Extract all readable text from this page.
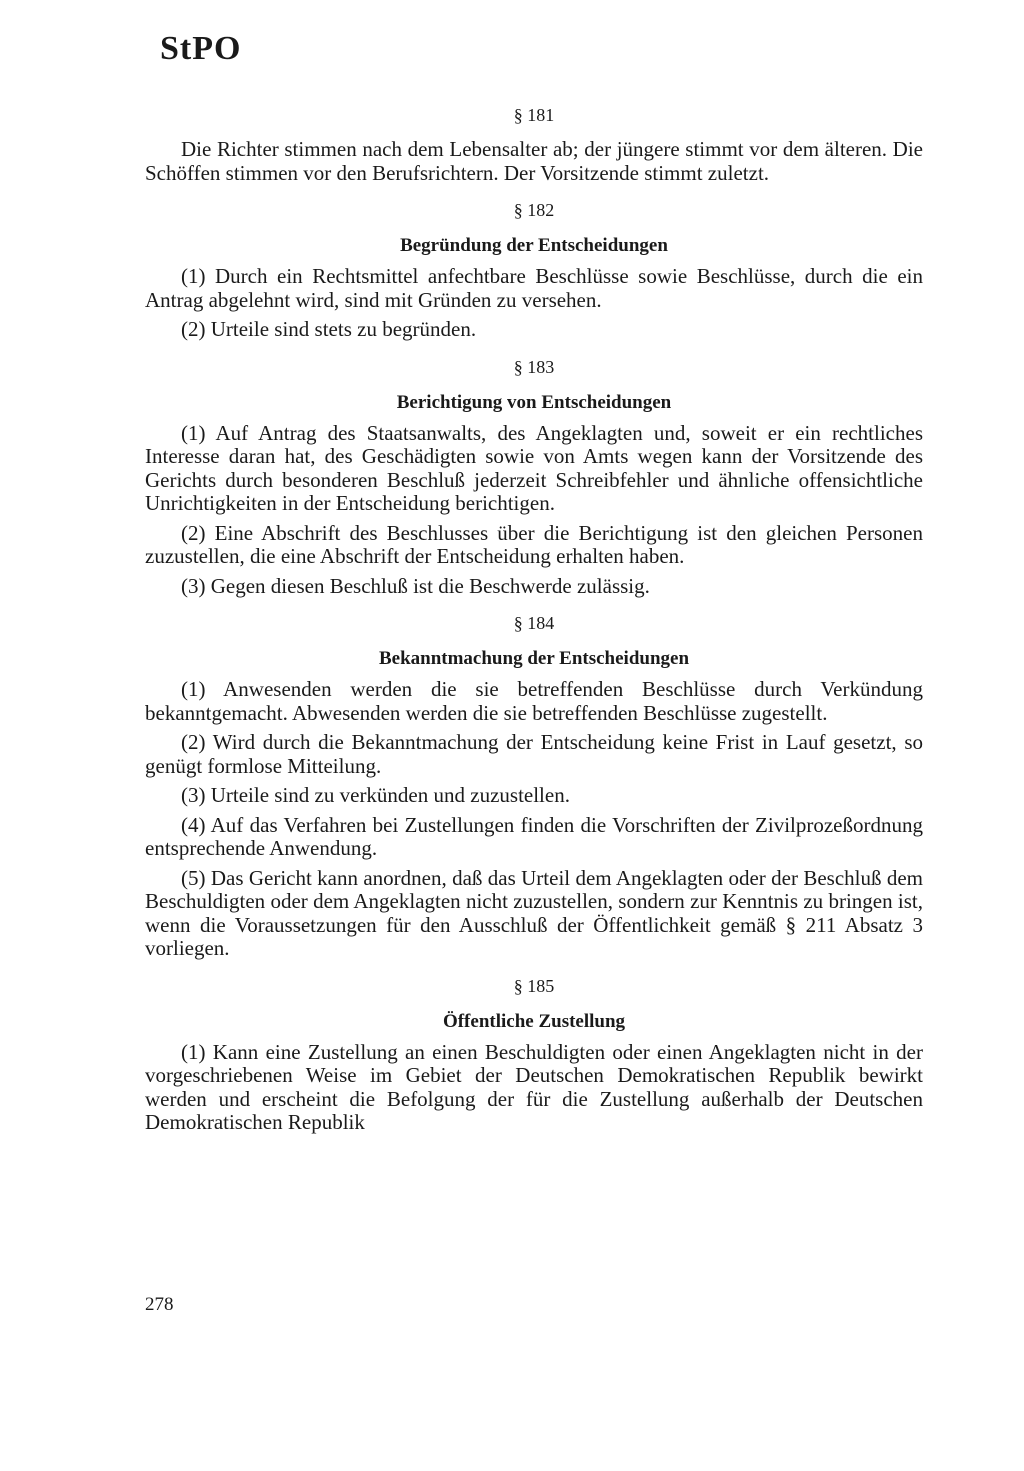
StPO
§ 181

Die Richter stimmen nach dem Lebensalter ab; der jüngere stimmt vor dem älteren. Die Schöffen stimmen vor den Berufsrichtern. Der Vorsitzende stimmt zuletzt.

§ 182
Begründung der Entscheidungen

(1) Durch ein Rechtsmittel anfechtbare Beschlüsse sowie Beschlüsse, durch die ein Antrag abgelehnt wird, sind mit Gründen zu versehen.

(2) Urteile sind stets zu begründen.

§ 183
Berichtigung von Entscheidungen

(1) Auf Antrag des Staatsanwalts, des Angeklagten und, soweit er ein rechtliches Interesse daran hat, des Geschädigten sowie von Amts wegen kann der Vorsitzende des Gerichts durch besonderen Beschluß jederzeit Schreibfehler und ähnliche offensichtliche Unrichtigkeiten in der Entscheidung berichtigen.

(2) Eine Abschrift des Beschlusses über die Berichtigung ist den gleichen Personen zuzustellen, die eine Abschrift der Entscheidung erhalten haben.

(3) Gegen diesen Beschluß ist die Beschwerde zulässig.

§ 184
Bekanntmachung der Entscheidungen

(1) Anwesenden werden die sie betreffenden Beschlüsse durch Verkündung bekanntgemacht. Abwesenden werden die sie betreffenden Beschlüsse zugestellt.

(2) Wird durch die Bekanntmachung der Entscheidung keine Frist in Lauf gesetzt, so genügt formlose Mitteilung.

(3) Urteile sind zu verkünden und zuzustellen.

(4) Auf das Verfahren bei Zustellungen finden die Vorschriften der Zivilprozeßordnung entsprechende Anwendung.

(5) Das Gericht kann anordnen, daß das Urteil dem Angeklagten oder der Beschluß dem Beschuldigten oder dem Angeklagten nicht zuzustellen, sondern zur Kenntnis zu bringen ist, wenn die Voraussetzungen für den Ausschluß der Öffentlichkeit gemäß § 211 Absatz 3 vorliegen.

§ 185
Öffentliche Zustellung

(1) Kann eine Zustellung an einen Beschuldigten oder einen Angeklagten nicht in der vorgeschriebenen Weise im Gebiet der Deutschen Demokratischen Republik bewirkt werden und erscheint die Befolgung der für die Zustellung außerhalb der Deutschen Demokratischen Republik

278
